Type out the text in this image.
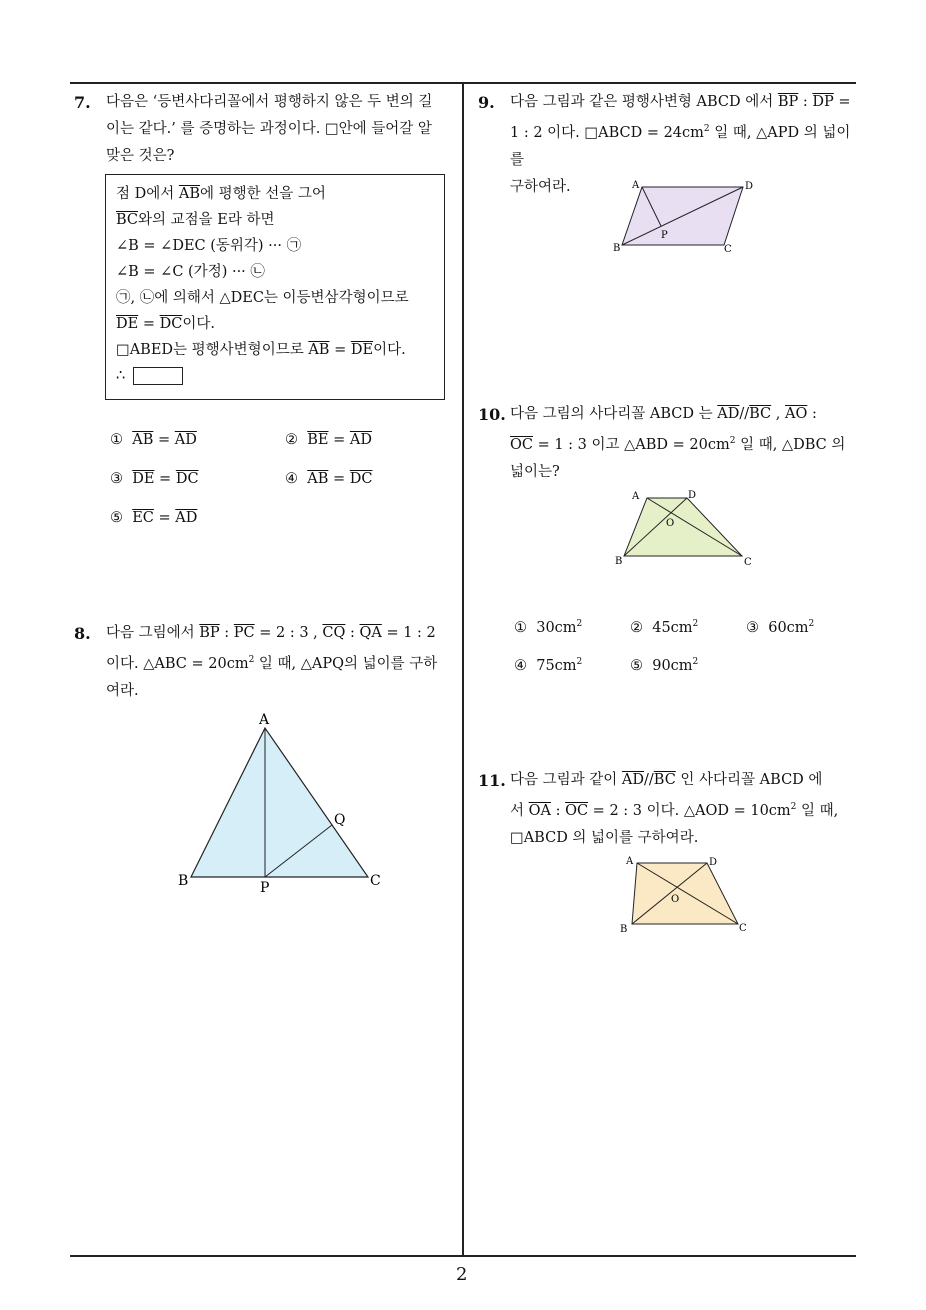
7. 다음은 ‘등변사다리꼴에서 평행하지 않은 두 변의 길
이는 같다.’ 를 증명하는 과정이다. □안에 들어갈 알
맞은 것은?
점 D에서 $\overline{AB}$에 평행한 선을 그어
$\overline{BC}$와의 교점을 E라 하면
∠B = ∠DEC (동위각) ··· ㉠
∠B = ∠C (가정) ··· ㉡
㉠, ㉡에 의해서 △DEC는 이등변삼각형이므로
$\overline{DE} = \overline{DC}$이다.
□ABED는 평행사변형이므로 $\overline{AB} = \overline{DE}$이다.
∴
① $\overline{AB} = \overline{AD}$	② $\overline{BE} = \overline{AD}$
③ $\overline{DE} = \overline{DC}$	④ $\overline{AB} = \overline{DC}$
⑤ $\overline{EC} = \overline{AD}$
8. 다음 그림에서 $\overline{BP}$ : $\overline{PC} = 2$ : 3 , $\overline{CQ}$ : $\overline{QA} = 1$ : 2
이다. △ABC = $20cm^2$ 일 때, △APQ의 넓이를 구하
여라.
A
B	C
P
Q
9. 다음 그림과 같은 평행사변형 ABCD 에서 $\overline{BP}$ : $\overline{DP}$ =
1 : 2 이다. □ABCD = $24cm^2$ 일 때, △APD 의 넓이를
구하여라.	A	D
B	C
P
10. 다음 그림의 사다리꼴 ABCD 는 $\overline{AD}//\overline{BC}$ , $\overline{AO}$ :
$\overline{OC} = 1$ : 3 이고 △ABD = $20cm^2$ 일 때, △DBC 의
넓이는?
A	D
B	C
O
① $30cm^2$	② $45cm^2$	③ $60cm^2$
④ $75cm^2$	⑤ $90cm^2$
11. 다음 그림과 같이 $\overline{AD}//\overline{BC}$ 인 사다리꼴 ABCD 에
서 $\overline{OA}$ : $\overline{OC} = 2$ : 3 이다. △AOD = $10cm^2$ 일 때,
□ABCD 의 넓이를 구하여라.
A	D
B	C
O
2
